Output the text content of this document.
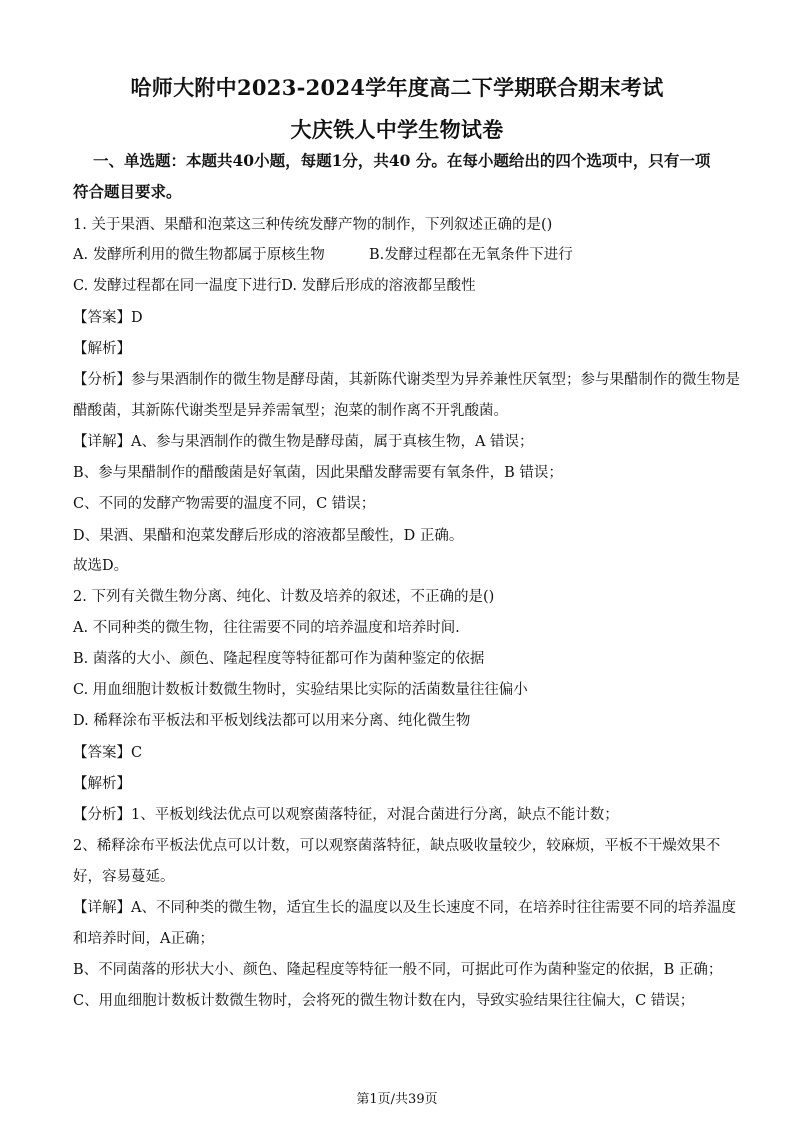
哈师大附中2023-2024学年度高二下学期联合期末考试
大庆铁人中学生物试卷
一、单选题：本题共40小题，每题1分，共40 分。在每小题给出的四个选项中，只有一项
符合题目要求。
1. 关于果酒、果醋和泡菜这三种传统发酵产物的制作，下列叙述正确的是()
A. 发酵所利用的微生物都属于原核生物	B.发酵过程都在无氧条件下进行
C. 发酵过程都在同一温度下进行D. 发酵后形成的溶液都呈酸性
【答案】D
【解析】
【分析】参与果酒制作的微生物是酵母菌，其新陈代谢类型为异养兼性厌氧型；参与果醋制作的微生物是
醋酸菌，其新陈代谢类型是异养需氧型；泡菜的制作离不开乳酸菌。
【详解】A、参与果酒制作的微生物是酵母菌，属于真核生物，A 错误；
B、参与果醋制作的醋酸菌是好氧菌，因此果醋发酵需要有氧条件，B 错误；
C、不同的发酵产物需要的温度不同，C 错误；
D、果酒、果醋和泡菜发酵后形成的溶液都呈酸性，D 正确。
故选D。
2. 下列有关微生物分离、纯化、计数及培养的叙述，不正确的是()
A. 不同种类的微生物，往往需要不同的培养温度和培养时间.
B. 菌落的大小、颜色、隆起程度等特征都可作为菌种鉴定的依据
C. 用血细胞计数板计数微生物时，实验结果比实际的活菌数量往往偏小
D. 稀释涂布平板法和平板划线法都可以用来分离、纯化微生物
【答案】C
【解析】
【分析】1、平板划线法优点可以观察菌落特征，对混合菌进行分离，缺点不能计数；
2、稀释涂布平板法优点可以计数，可以观察菌落特征，缺点吸收量较少，较麻烦，平板不干燥效果不
好，容易蔓延。
【详解】A、不同种类的微生物，适宜生长的温度以及生长速度不同，在培养时往往需要不同的培养温度
和培养时间，A正确；
B、不同菌落的形状大小、颜色、隆起程度等特征一般不同，可据此可作为菌种鉴定的依据，B 正确；
C、用血细胞计数板计数微生物时，会将死的微生物计数在内，导致实验结果往往偏大，C 错误；
第1页/共39页
